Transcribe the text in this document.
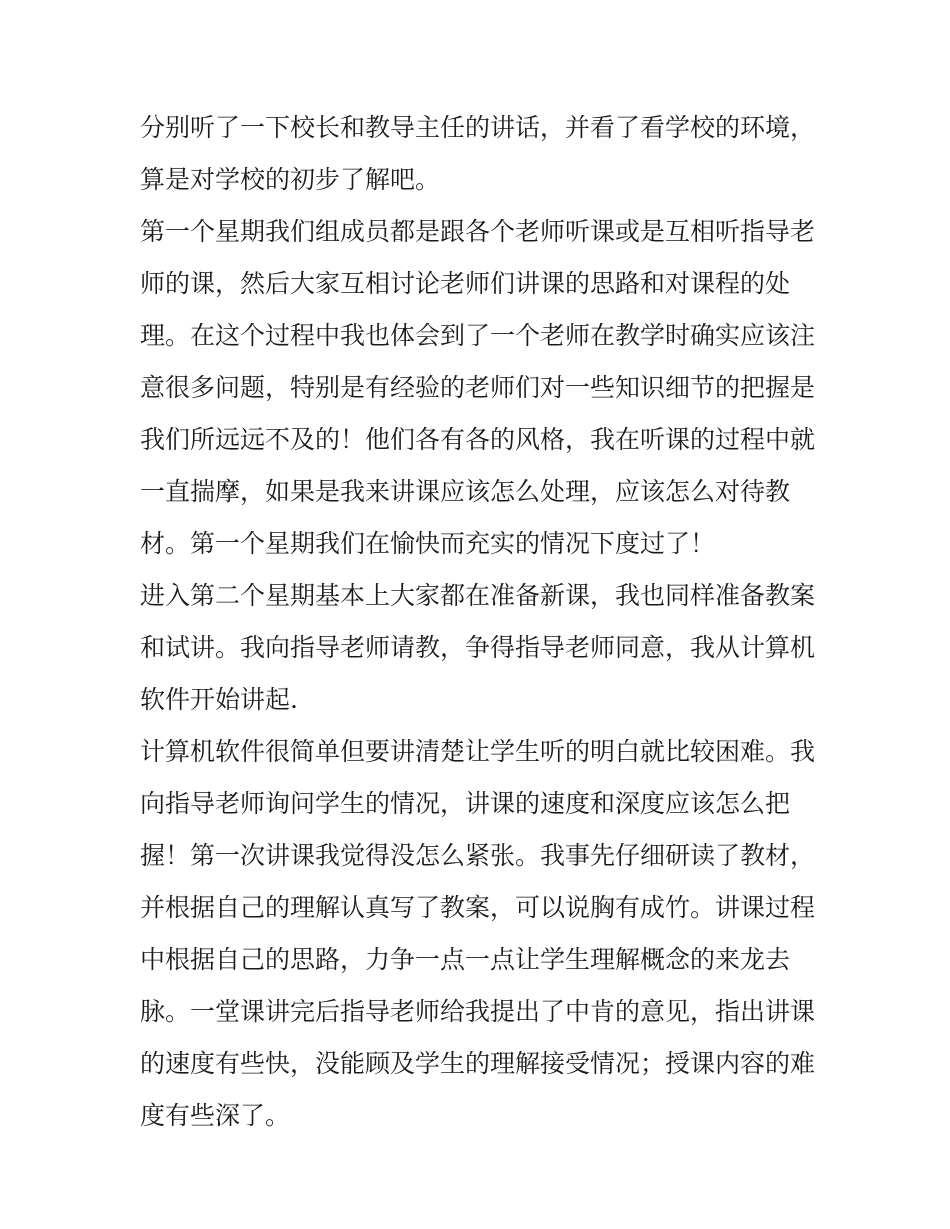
分别听了一下校长和教导主任的讲话，并看了看学校的环境，
算是对学校的初步了解吧。
第一个星期我们组成员都是跟各个老师听课或是互相听指导老
师的课，然后大家互相讨论老师们讲课的思路和对课程的处
理。在这个过程中我也体会到了一个老师在教学时确实应该注
意很多问题，特别是有经验的老师们对一些知识细节的把握是
我们所远远不及的！他们各有各的风格，我在听课的过程中就
一直揣摩，如果是我来讲课应该怎么处理，应该怎么对待教
材。第一个星期我们在愉快而充实的情况下度过了！
进入第二个星期基本上大家都在准备新课，我也同样准备教案
和试讲。我向指导老师请教，争得指导老师同意，我从计算机
软件开始讲起.
计算机软件很简单但要讲清楚让学生听的明白就比较困难。我
向指导老师询问学生的情况，讲课的速度和深度应该怎么把
握！第一次讲课我觉得没怎么紧张。我事先仔细研读了教材，
并根据自己的理解认真写了教案，可以说胸有成竹。讲课过程
中根据自己的思路，力争一点一点让学生理解概念的来龙去
脉。一堂课讲完后指导老师给我提出了中肯的意见，指出讲课
的速度有些快，没能顾及学生的理解接受情况；授课内容的难
度有些深了。
